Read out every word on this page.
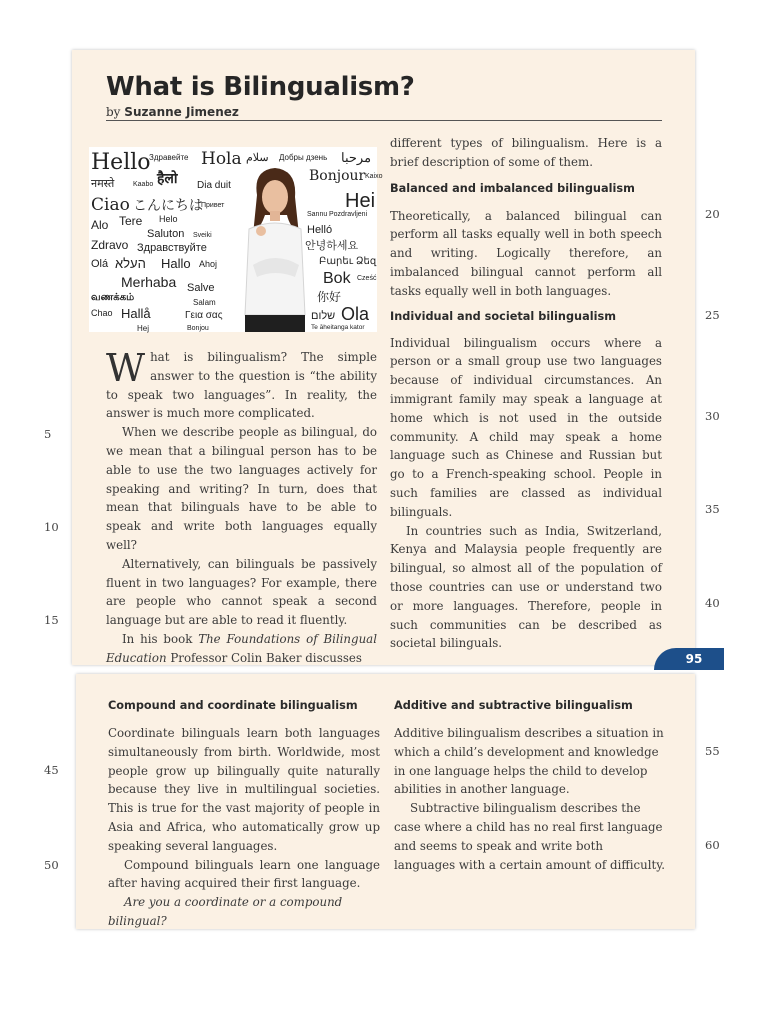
What is Bilingualism?
by Suzanne Jimenez
Hello
Здравейте Hola سلام Добры дзень مرحبا
हैलो
नमस्ते	Kaabo	Dia duit
Bonjour Kaixo
Ciao こんにちは
Привет	Hei
Sannu Pozdravljeni
Alo Tere Helo
Helló
안녕하세요
Zdravo
Saluton Sveiki
Здравствуйте
Բարեւ Ձեզ
Olá העלא Hallo Ahoj
Bok Cześć
Merhaba Salve
你好
வணக்கம்	Salam
Chao Hallå	Γεια σας
Hej	Bonjou
שלום Ola
Te āheitanga kator

What is bilingualism? The simple answer to the question is “the ability to speak two languages”. In reality, the answer is much more complicated.

When we describe people as bilingual, do we mean that a bilingual person has to be able to use the two languages actively for speaking and writing? In turn, does that mean that bilinguals have to be able to speak and write both languages equally well?

Alternatively, can bilinguals be passively fluent in two languages? For example, there are people who cannot speak a second language but are able to read it fluently.

In his book The Foundations of Bilingual Education Professor Colin Baker discusses

different types of bilingualism. Here is a brief description of some of them.

Balanced and imbalanced bilingualism

Theoretically, a balanced bilingual can perform all tasks equally well in both speech and writing. Logically therefore, an imbalanced bilingual cannot perform all tasks equally well in both languages.

Individual and societal bilingualism

Individual bilingualism occurs where a person or a small group use two languages because of individual circumstances. An immigrant family may speak a language at home which is not used in the outside community. A child may speak a home language such as Chinese and Russian but go to a French-speaking school. People in such families are classed as individual bilinguals.

In countries such as India, Switzerland, Kenya and Malaysia people frequently are bilingual, so almost all of the population of those countries can use or understand two or more languages. Therefore, people in such communities can be described as societal bilinguals.

95
Compound and coordinate bilingualism

Coordinate bilinguals learn both languages simultaneously from birth. Worldwide, most people grow up bilingually quite naturally because they live in multilingual societies. This is true for the vast majority of people in Asia and Africa, who automatically grow up speaking several languages.

Compound bilinguals learn one language after having acquired their first language.

Are you a coordinate or a compound bilingual?

Additive and subtractive bilingualism

Additive bilingualism describes a situation in which a child’s development and knowledge in one language helps the child to develop abilities in another language.

Subtractive bilingualism describes the case where a child has no real first language and seems to speak and write both languages with a certain amount of difficulty.

5
10
15
20
25
30
35
40
45
50
55
60
